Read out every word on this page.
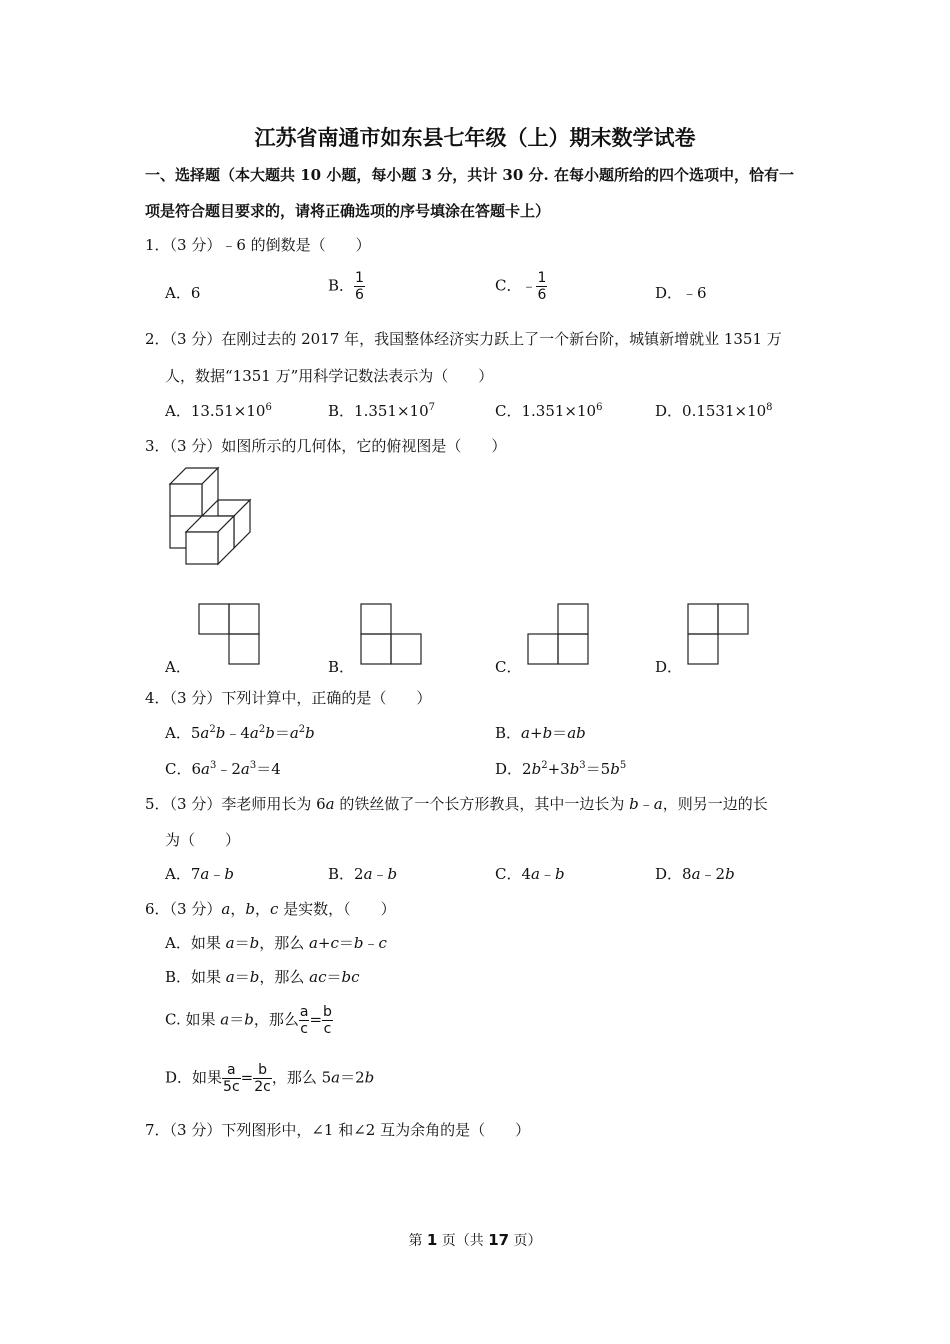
江苏省南通市如东县七年级（上）期末数学试卷
一、选择题（本大题共 10 小题，每小题 3 分，共计 30 分. 在每小题所给的四个选项中，恰有一
项是符合题目要求的，请将正确选项的序号填涂在答题卡上）
1．（3 分）﹣6 的倒数是（　　）
A．6	B． $\frac{1}{6}$	C．﹣ $\frac{1}{6}$	D．﹣6
2．（3 分）在刚过去的 2017 年，我国整体经济实力跃上了一个新台阶，城镇新增就业 1351 万
人，数据“1351 万”用科学记数法表示为（　　）
A．$13.51\times 10^6$	B．$1.351\times 10^7$	C．$1.351\times 10^6$	D．$0.1531\times 10^8$
3．（3 分）如图所示的几何体，它的俯视图是（　　）
A．	B．	C．	D．
4．（3 分）下列计算中，正确的是（　　）
A．$5a^2b﹣4a^2b=a^2b$	B．a+b＝ab
C．$6a^3﹣2a^3=4$	D．$2b^2+3b^3=5b^5$
5．（3 分）李老师用长为 6a 的铁丝做了一个长方形教具，其中一边长为 b﹣a，则另一边的长
为（　　）
A．7a﹣b	B．2a﹣b	C．4a﹣b	D．8a﹣2b
6．（3 分）a，b，c 是实数，（　　）
A．如果 a＝b，那么 a+c＝b﹣c
B．如果 a＝b，那么 ac＝bc
C. 如果 a＝b，那么 $\frac{a}{c} = \frac{b}{c}$
D．如果 $\frac{a}{5c} = \frac{b}{2c}$ ，那么 5a＝2b
7．（3 分）下列图形中，∠1 和∠2 互为余角的是（　　）
第 1 页（共 17 页）
